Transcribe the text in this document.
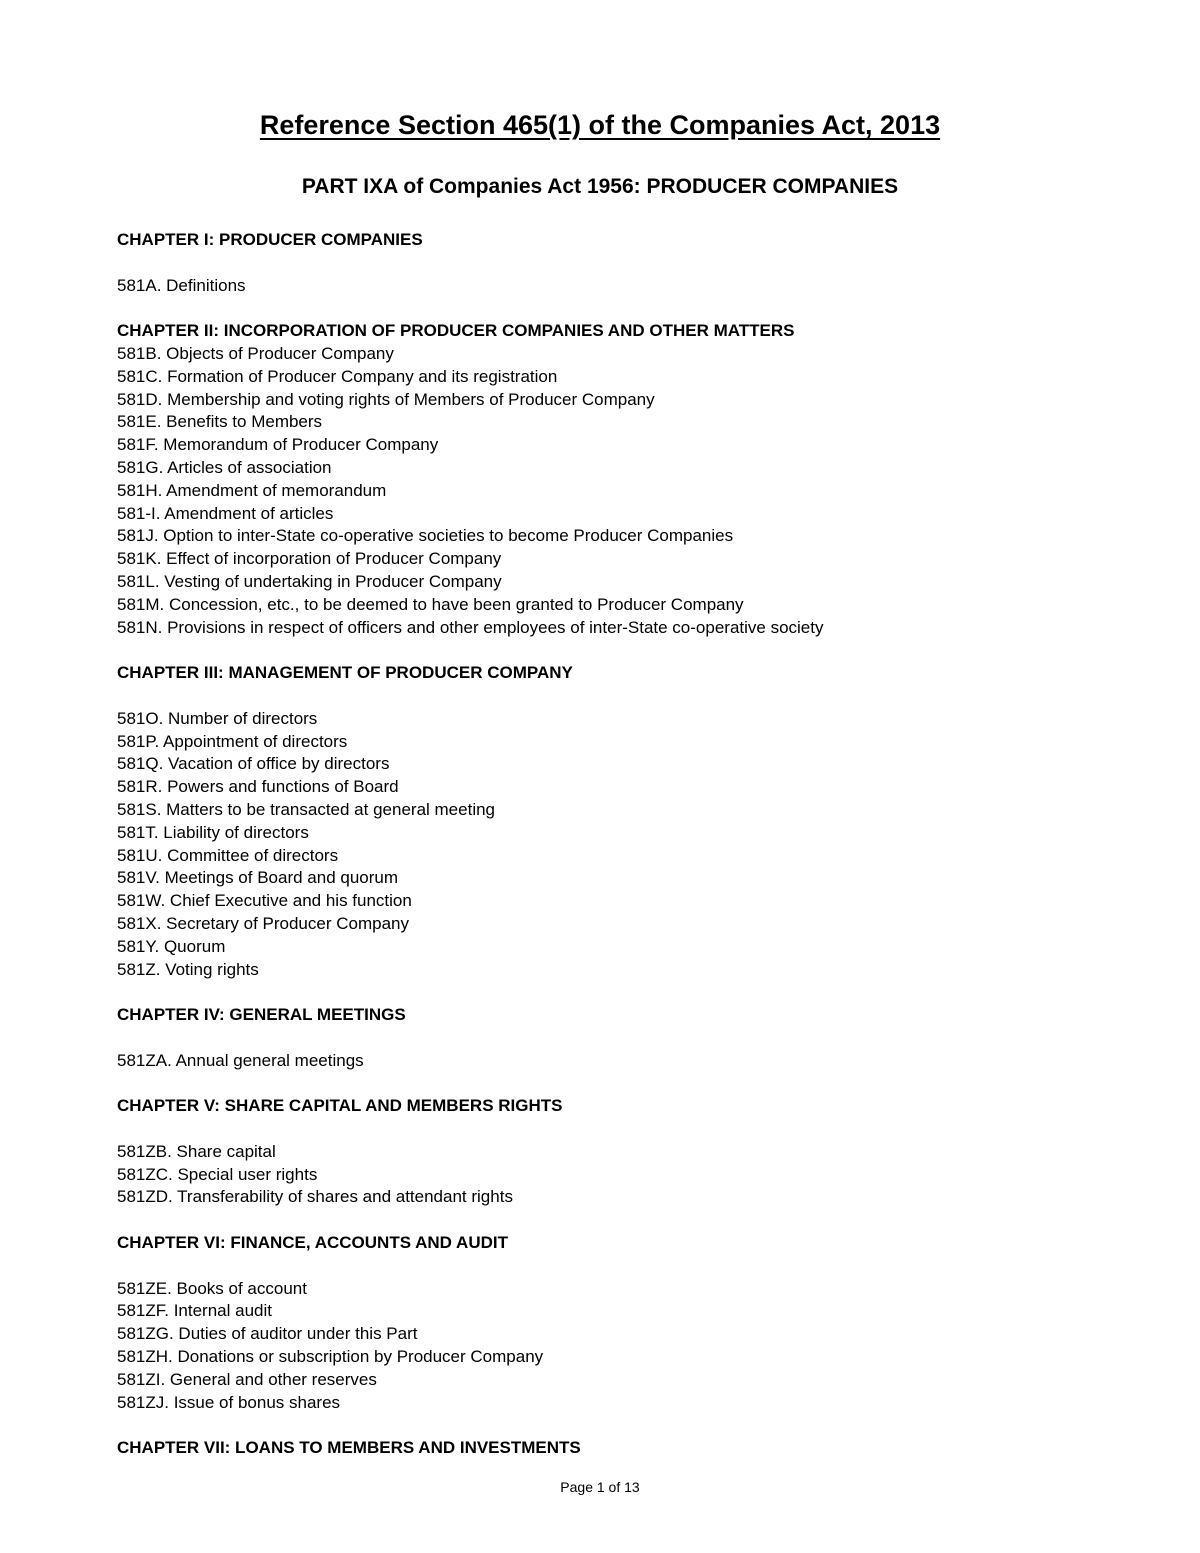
Reference Section 465(1) of the Companies Act, 2013
PART IXA of Companies Act 1956: PRODUCER COMPANIES
CHAPTER I: PRODUCER COMPANIES
581A. Definitions
CHAPTER II: INCORPORATION OF PRODUCER COMPANIES AND OTHER MATTERS
581B. Objects of Producer Company
581C. Formation of Producer Company and its registration
581D. Membership and voting rights of Members of Producer Company
581E. Benefits to Members
581F. Memorandum of Producer Company
581G. Articles of association
581H. Amendment of memorandum
581-I. Amendment of articles
581J. Option to inter-State co-operative societies to become Producer Companies
581K. Effect of incorporation of Producer Company
581L. Vesting of undertaking in Producer Company
581M. Concession, etc., to be deemed to have been granted to Producer Company
581N. Provisions in respect of officers and other employees of inter-State co-operative society
CHAPTER III: MANAGEMENT OF PRODUCER COMPANY
581O. Number of directors
581P. Appointment of directors
581Q. Vacation of office by directors
581R. Powers and functions of Board
581S. Matters to be transacted at general meeting
581T. Liability of directors
581U. Committee of directors
581V. Meetings of Board and quorum
581W. Chief Executive and his function
581X. Secretary of Producer Company
581Y. Quorum
581Z. Voting rights
CHAPTER IV: GENERAL MEETINGS
581ZA. Annual general meetings
CHAPTER V: SHARE CAPITAL AND MEMBERS RIGHTS
581ZB. Share capital
581ZC. Special user rights
581ZD. Transferability of shares and attendant rights
CHAPTER VI: FINANCE, ACCOUNTS AND AUDIT
581ZE. Books of account
581ZF. Internal audit
581ZG. Duties of auditor under this Part
581ZH. Donations or subscription by Producer Company
581ZI. General and other reserves
581ZJ. Issue of bonus shares
CHAPTER VII: LOANS TO MEMBERS AND INVESTMENTS
Page 1 of 13
